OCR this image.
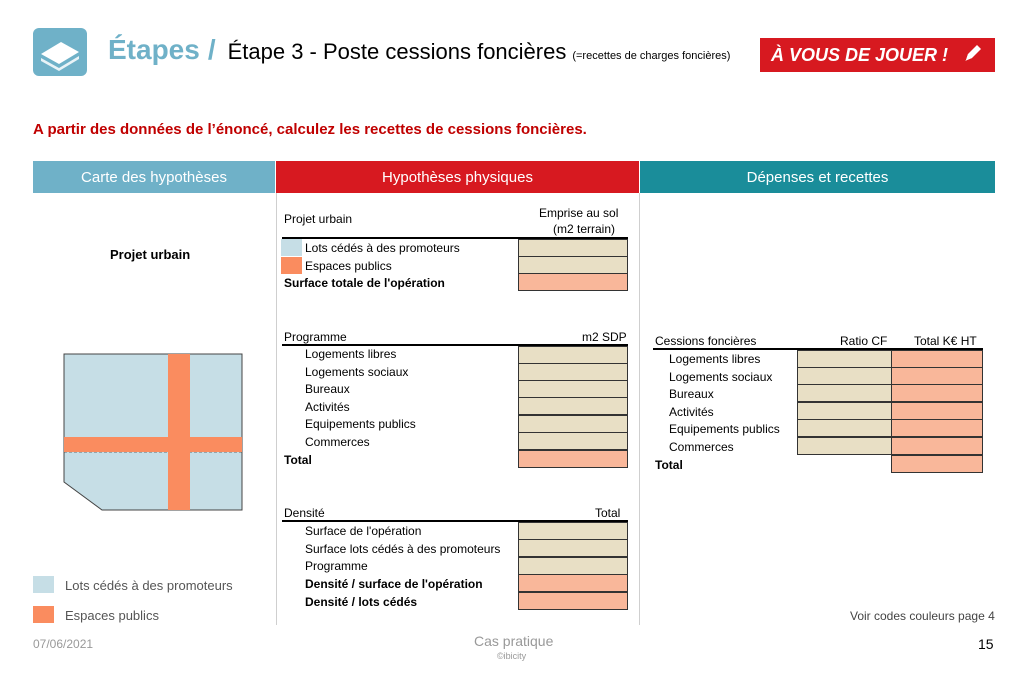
Étapes / Étape 3 - Poste cessions foncières (=recettes de charges foncières) À VOUS DE JOUER !
A partir des données de l’énoncé, calculez les recettes de cessions foncières.
Carte des hypothèses	Hypothèses physiques	Dépenses et recettes
Projet urbain
Lots cédés à des promoteurs
Espaces publics
Projet urbain	Emprise au sol
(m2 terrain)
Lots cédés à des promoteurs
Espaces publics
Surface totale de l'opération
Programme	m2 SDP
Logements libres
Logements sociaux
Bureaux
Activités
Equipements publics
Commerces
Total
Densité	Total
Surface de l'opération
Surface lots cédés à des promoteurs
Programme
Densité / surface de l'opération
Densité / lots cédés
Cessions foncières	Ratio CF Total K€ HT
Logements libres
Logements sociaux
Bureaux
Activités
Equipements publics
Commerces
Total
Voir codes couleurs page 4
07/06/2021	Cas pratique
©ibicity
15
